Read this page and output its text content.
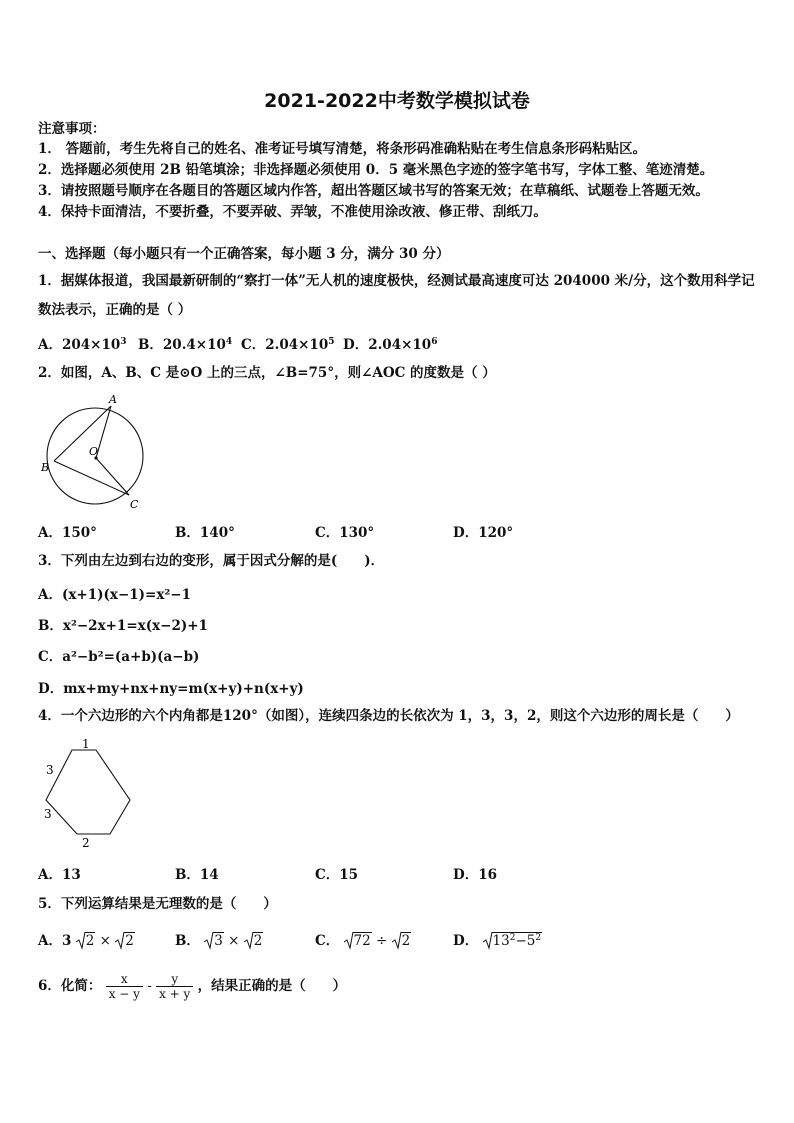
2021-2022中考数学模拟试卷
注意事项：
1． 答题前，考生先将自己的姓名、准考证号填写清楚，将条形码准确粘贴在考生信息条形码粘贴区。
2．选择题必须使用 2B 铅笔填涂；非选择题必须使用 0．5 毫米黑色字迹的签字笔书写，字体工整、笔迹清楚。
3．请按照题号顺序在各题目的答题区域内作答，超出答题区域书写的答案无效；在草稿纸、试题卷上答题无效。
4．保持卡面清洁，不要折叠，不要弄破、弄皱，不准使用涂改液、修正带、刮纸刀。
一、选择题（每小题只有一个正确答案，每小题 3 分，满分 30 分）
1．据媒体报道，我国最新研制的“察打一体”无人机的速度极快，经测试最高速度可达 204000 米/分，这个数用科学记
数法表示，正确的是（ ）
A．$204\times 10^3$ B．$20.4\times 10^4$ C．$2.04\times 10^5$ D．$2.04\times 10^6$
2．如图，A、B、C 是⊙O 上的三点，∠B=75°，则∠AOC 的度数是（ ）
A
B
C
O
A．150°	B．140°	C．130°	D．120°
3．下列由左边到右边的变形，属于因式分解的是(　　)．
A．(x+1)(x−1)=x²−1
B．x²−2x+1=x(x−2)+1
C．a²−b²=(a+b)(a−b)
D．mx+my+nx+ny=m(x+y)+n(x+y)
4．一个六边形的六个内角都是120°（如图），连续四条边的长依次为 1，3，3，2，则这个六边形的周长是（　　）
1
3
3
2
A．13	B．14	C．15	D．16
5．下列运算结果是无理数的是（　　）
A．3 2 × 2	B． 3 × 2	C． 72 ÷ 2	D． $13^2-5^2$
6．化简： $\frac{x}{x - y} - \frac{y}{x + y}$ ，结果正确的是（　　）
